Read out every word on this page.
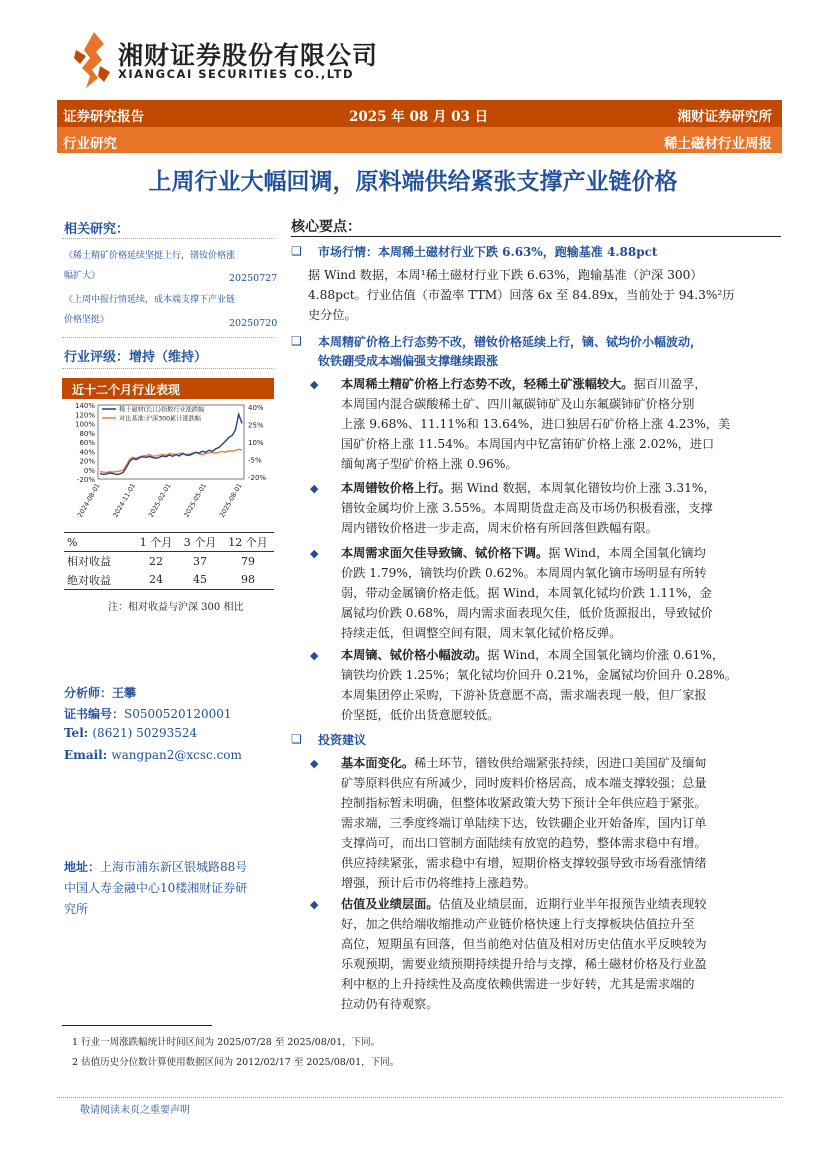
湘财证券股份有限公司
XIANGCAI SECURITIES CO.,LTD
证券研究报告	2025 年 08 月 03 日	湘财证券研究所
行业研究	稀土磁材行业周报
上周行业大幅回调，原料端供给紧张支撑产业链价格
相关研究：
《稀土精矿价格延续坚挺上行，镨钕价格涨
幅扩大》	20250727
《上周中报行情延续，成本端支撑下产业链
价格坚挺》	20250720
行业评级：增持（维持）
近十二个月行业表现
140%
120%
100%
80%
60%
40%
20%
0%
-20%
40%
25%
10%
-5%
-20%
2024-08-01 2024-11-01 2025-02-01 2025-05-01 2025-08-01
稀土磁材(长江)指数行业涨跌幅
对比基准:沪深300累计涨跌幅
%	1 个月	3 个月	12 个月
相对收益	22	37	79
绝对收益	24	45	98
注：相对收益与沪深 300 相比
分析师：王攀
证书编号：S0500520120001
Tel: (8621) 50293524
Email: wangpan2@xcsc.com
地址：上海市浦东新区银城路88号
中国人寿金融中心10楼湘财证券研
究所
核心要点：
❑ 市场行情：本周稀土磁材行业下跌 6.63%，跑输基准 4.88pct
据 Wind 数据，本周¹稀土磁材行业下跌 6.63%，跑输基准（沪深 300）
4.88pct。行业估值（市盈率 TTM）回落 6x 至 84.89x，当前处于 94.3%²历
史分位。
❑ 本周精矿价格上行态势不改，镨钕价格延续上行，镝、铽均价小幅波动，
钕铁硼受成本端偏强支撑继续跟涨
◆ 本周稀土精矿价格上行态势不改，轻稀土矿涨幅较大。据百川盈孚，
本周国内混合碳酸稀土矿、四川氟碳铈矿及山东氟碳铈矿价格分别
上涨 9.68%、11.11%和 13.64%，进口独居石矿价格上涨 4.23%，美
国矿价格上涨 11.54%。本周国内中钇富铕矿价格上涨 2.02%，进口
缅甸离子型矿价格上涨 0.96%。
◆ 本周镨钕价格上行。据 Wind 数据，本周氧化镨钕均价上涨 3.31%，
镨钕金属均价上涨 3.55%。本周期货盘走高及市场仍积极看涨，支撑
周内镨钕价格进一步走高，周末价格有所回落但跌幅有限。
◆ 本周需求面欠佳导致镝、铽价格下调。据 Wind，本周全国氧化镝均
价跌 1.79%，镝铁均价跌 0.62%。本周周内氧化镝市场明显有所转
弱，带动金属镝价格走低。据 Wind，本周氧化铽均价跌 1.11%，金
属铽均价跌 0.68%，周内需求面表现欠佳，低价货源报出，导致铽价
持续走低，但调整空间有限，周末氧化铽价格反弹。
◆ 本周镝、铽价格小幅波动。据 Wind，本周全国氧化镝均价涨 0.61%，
镝铁均价跌 1.25%；氧化铽均价回升 0.21%，金属铽均价回升 0.28%。
本周集团停止采购，下游补货意愿不高，需求端表现一般，但厂家报
价坚挺，低价出货意愿较低。
❑ 投资建议
◆ 基本面变化。稀土环节，镨钕供给端紧张持续，因进口美国矿及缅甸
矿等原料供应有所减少，同时废料价格居高，成本端支撑较强；总量
控制指标暂未明确，但整体收紧政策大势下预计全年供应趋于紧张。
需求端，三季度终端订单陆续下达，钕铁硼企业开始备库，国内订单
支撑尚可，而出口管制方面陆续有放宽的趋势，整体需求稳中有增。
供应持续紧张，需求稳中有增，短期价格支撑较强导致市场看涨情绪
增强，预计后市仍将维持上涨趋势。
◆ 估值及业绩层面。估值及业绩层面，近期行业半年报预告业绩表现较
好，加之供给端收缩推动产业链价格快速上行支撑板块估值拉升至
高位，短期虽有回落，但当前绝对估值及相对历史估值水平反映较为
乐观预期，需要业绩预期持续提升给与支撑，稀土磁材价格及行业盈
利中枢的上升持续性及高度依赖供需进一步好转，尤其是需求端的
拉动仍有待观察。
1 行业一周涨跌幅统计时间区间为 2025/07/28 至 2025/08/01，下同。
2 估值历史分位数计算使用数据区间为 2012/02/17 至 2025/08/01，下同。
敬请阅读末页之重要声明
